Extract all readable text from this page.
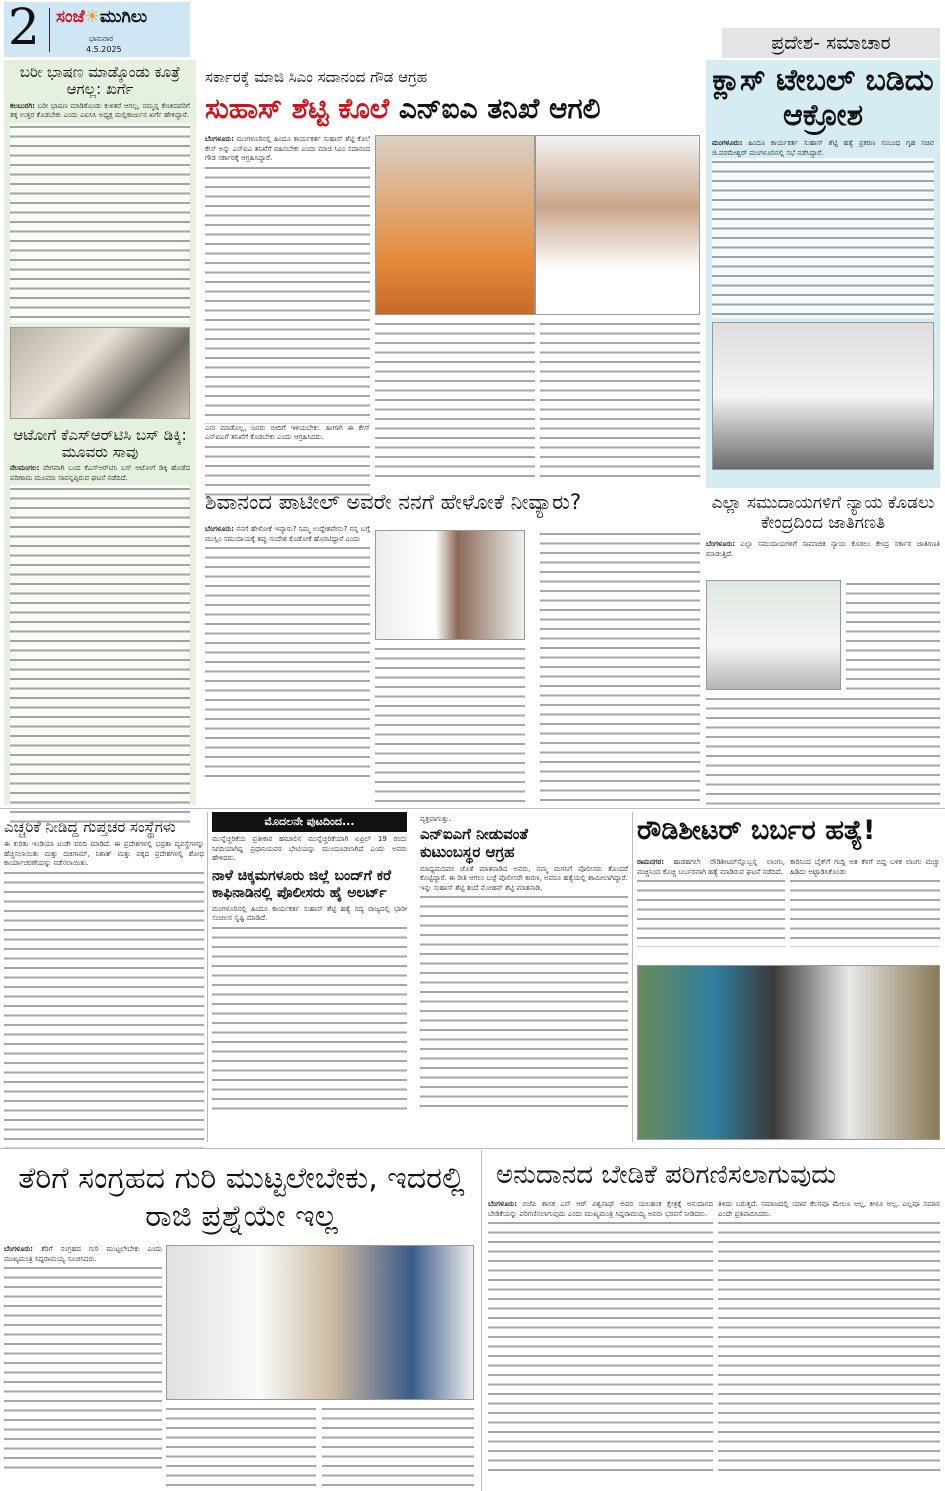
2 ಸಂಜೆ☀ಮುಗಿಲು
ಭಾನುವಾರ
4.5.2025	ಪ್ರದೇಶ- ಸಮಾಚಾರ
ಬರೀ ಭಾಷಣ ಮಾಡ್ಕೊಂಡು ಕೂತ್ರೆ ಆಗಲ್ಲ: ಖರ್ಗೆ
ಕಲಬುರಗಿ: ಬರೀ ಭಾಷಣ ಮಾಡಿಕೊಂಡು ಕುಳಿತರೆ ಆಗಲ್ಲ, ನಮ್ಮನ್ನ ಕೆಣಕಿದವರಿಗೆ ತಕ್ಕ ಉತ್ತರ ಕೊಡಬೇಕು ಎಂದು ಎಐಸಿಸಿ ಅಧ್ಯಕ್ಷ ಮಲ್ಲಿಕಾರ್ಜುನ ಖರ್ಗೆ ಹೇಳಿದ್ದಾರೆ.
ಆಟೋಗೆ ಕೆಎಸ್‌ಆರ್‌ಟಿಸಿ ಬಸ್ ಡಿಕ್ಕಿ: ಮೂವರು ಸಾವು
ನೆಲಮಂಗಲ: ವೇಗವಾಗಿ ಬಂದ ಕೆಎಸ್‌ಆರ್‌ಟಿಸಿ ಬಸ್ ಆಟೋಗೆ ಡಿಕ್ಕಿ ಹೊಡೆದ ಪರಿಣಾಮ ಮೂವರು ಸಾವನ್ನಪ್ಪಿರುವ ಘಟನೆ ನಡೆದಿದೆ.
ಸರ್ಕಾರಕ್ಕೆ ಮಾಜಿ ಸಿಎಂ ಸದಾನಂದ ಗೌಡ ಆಗ್ರಹ
ಸುಹಾಸ್ ಶೆಟ್ಟಿ ಕೊಲೆ ಎನ್‌ಐಎ ತನಿಖೆ ಆಗಲಿ
ಬೆಂಗಳೂರು: ಮಂಗಳೂರಿನಲ್ಲಿ ಹಿಂದೂ ಕಾರ್ಯಕರ್ತ ಸುಹಾಸ್ ಶೆಟ್ಟಿ ಕೊಲೆ ಕೇಸ್ ಅನ್ನು ಎನ್‌ಐಎ ತನಿಖೆಗೆ ವಹಿಸಬೇಕು ಎಂದು ಮಾಜಿ ಸಿಎಂ ಸದಾನಂದ ಗೌಡ ಸರ್ಕಾರಕ್ಕೆ ಆಗ್ರಹಿಸಿದ್ದಾರೆ.
ಎನು ಮಾಡೊಲ್ಲ, ಜನರು ಬೀದಿಗೆ ಇಳಿಯಬೇಕು. ಹೀಗಾಗಿ ಈ ಕೇಸ್ ಎನ್‌ಐಎಗೆ ತನಿಖೆಗೆ ಕೊಡಬೇಕು ಎಂದು ಆಗ್ರಹಿಸಿದರು.
ಶಿವಾನಂದ ಪಾಟೀಲ್ ಅವರೇ ನನಗೆ ಹೇಳೋಕೆ ನೀವ್ಯಾರು?
ಬೆಂಗಳೂರು: ನನಗೆ ಹೇಳೋಕೆ ಇವ್ಯಾರು? ನಿಮ್ಮ ಉದ್ದೇಶವೇನು? ನನ್ನ ಬಗ್ಗೆ ಮುಸ್ಲಿಂ ಸಮುದಾಯಕ್ಕೆ ತಪ್ಪು ಸಂದೇಶ ಕೊಡೋಕೆ ಹೊರಟಿದ್ದಾರೆ ಎಂದು
ಕ್ಲಾಸ್ ಟೇಬಲ್ ಬಡಿದು ಆಕ್ರೋಶ
ಮಂಗಳೂರು: ಹಿಂದೂ ಕಾರ್ಯಕರ್ತ ಸುಹಾಸ್ ಶೆಟ್ಟಿ ಹತ್ಯೆ ಪ್ರಕರಣ ಸಂಬಂಧ ಗೃಹ ಸಚಿವ ಜಿ.ಪರಮೇಶ್ವರ್ ಮಂಗಳೂರಿನಲ್ಲಿ ಸಭೆ ನಡೆಸಿದ್ದಾರೆ.
ಎಲ್ಲಾ ಸಮುದಾಯಗಳಿಗೆ ನ್ಯಾಯ ಕೊಡಲು ಕೇಂದ್ರದಿಂದ ಜಾತಿಗಣತಿ
ಬೆಂಗಳೂರು: ಎಲ್ಲಾ ಸಮುದಾಯಗಳಿಗೆ ಸಾಮಾಜಿಕ ನ್ಯಾಯ ಕೊಡಲು ಕೇಂದ್ರ ಸರ್ಕಾರ ಜಾತಿಗಣತಿ ಮಾಡುತ್ತಿದೆ.
ಎಚ್ಚರಿಕೆ ನೀಡಿದ್ದ ಗುಪ್ತಚರ ಸಂಸ್ಥೆಗಳು
ಈ ಕುರಿತು ಇಂಡಿಯಾ ಟುಡೇ ವರದಿ ಮಾಡಿದೆ. ಈ ಪ್ರದೇಶಗಳಲ್ಲಿ ಭದ್ರತಾ ವ್ಯವಸ್ಥೆಗಳನ್ನು ಹೆಚ್ಚಿಸಲಾಯಿತು ಮತ್ತು ದಚಿಗಾಮ್, ನಿಶಾತ್ ಮತ್ತು ಪಕ್ಕದ ಪ್ರದೇಶಗಳಲ್ಲಿ ಶೋಧ ಕಾರ್ಯಾಚರಣೆಯನ್ನು ನಡೆಸಲಾಯಿತು.
ಮೊದಲನೇ ಪುಟದಿಂದ...
ಮುನ್ನೆಚ್ಚರಿಕೆಯ ಪ್ರತೀಕಾರ ಹಮಾಲಿನ ಮುನ್ನೆಚ್ಚರಿಕೆಯಾಗಿ ಏಪ್ರಿಲ್ 19 ರಂದು ನಿಗದಿಯಾಗಿದ್ದ ಪ್ರಧಾನಿಯವರ ಭೇಟಿಯನ್ನು ಮುಂದೂಡಲಾಗಿದೆ ಎಂದು ಅವರು ಹೇಳಿದರು.
ನಾಳೆ ಚಿಕ್ಕಮಗಳೂರು ಜಿಲ್ಲೆ ಬಂದ್‌ಗೆ ಕರೆ ಕಾಫಿನಾಡಿನಲ್ಲಿ ಪೊಲೀಸರು ಹೈ ಅಲರ್ಟ್
ಮಂಗಳೂರಿನಲ್ಲಿ ಹಿಂದೂ ಕಾರ್ಯಕರ್ತ ಸುಹಾಸ್ ಶೆಟ್ಟಿ ಹತ್ಯೆ ಸದ್ಯ ರಾಜ್ಯದಲ್ಲಿ ಭಾರೀ ಸಂಚಲನ ಸೃಷ್ಟಿ ಮಾಡಿದೆ.
ವ್ಯಕ್ತವಾಗುತ್ತು.
ಎನ್‌ಐಎಗೆ ನೀಡುವಂತೆ ಕುಟುಂಬಸ್ಥರ ಆಗ್ರಹ
ಮಾಧ್ಯಮದವರ ಜೊತೆ ಮಾತನಾಡಿದ ಅವರು, ನಮ್ಮ ಮಗನಿಗೆ ಪೊಲೀಸರು ತೊಂದರೆ ಕೊಟ್ಟಿದ್ದಾರೆ. ಈ ರೀತಿ ಆಗಲು ಬಜ್ಪೆ ಪೊಲೀಸರೇ ಕಾರಣ, ಅವರೂ ಹತ್ಯೆಯಲ್ಲಿ ಶಾಮೀಲಾಗಿದ್ದಾರೆ.
ಇನ್ನು ಸುಹಾಸ್ ಶೆಟ್ಟಿ ತಂದೆ ಮೋಹನ್ ಶೆಟ್ಟಿ ಮಾತನಾಡಿ,
ರೌಡಿಶೀಟರ್ ಬರ್ಬರ ಹತ್ಯೆ!
ರಾಮನಗರ: ಹಾಡಹಗಲೇ ರೌಡಿಶೀಟರ್‌ನ್ನೊಬ್ಬನ್ನ ಲಾಂಗು, ಮಚ್ಚಿನಿಂದ ಕೊಚ್ಚಿ ಬರ್ಬರವಾಗಿ ಹತ್ಯೆ ಮಾಡಿರುವ ಘಟನೆ ನಡೆದಿದೆ.
ಕಾರಿನಿಂದ ಬೈಕ್‌ಗೆ ಗುದ್ದಿ ಆತ ಕೆಳಗೆ ಬಿದ್ದ ಬಳಿಕ ಲಾಂಗು ಮಚ್ಚು ಹಿಡಿದು ಅಟ್ಟಾಡಿಸಿಕೊಂಡು
ತೆರಿಗೆ ಸಂಗ್ರಹದ ಗುರಿ ಮುಟ್ಟಲೇಬೇಕು, ಇದರಲ್ಲಿ ರಾಜಿ ಪ್ರಶ್ನೆಯೇ ಇಲ್ಲ
ಬೆಂಗಳೂರು: ತೆರಿಗೆ ಸಂಗ್ರಹದ ಗುರಿ ಮುಟ್ಟಲೇಬೇಕು ಎಂದು ಮುಖ್ಯಮಂತ್ರಿ ಸಿದ್ದರಾಮಯ್ಯ ಸೂಚಿಸಿದರು.
ಅನುದಾನದ ಬೇಡಿಕೆ ಪರಿಗಣಿಸಲಾಗುವುದು
ಬೆಂಗಳೂರು: ಬಿಜೆಪಿ ಶಾಸಕ ಎಸ್ ಆರ್ ವಿಶ್ವನಾಥ್ ಅವರ ಯಲಹಂಕ ಕ್ಷೇತ್ರಕ್ಕೆ ಅನುದಾನದ ಬೇಡಿಕೆಯನ್ನು ಪರಿಗಣಿಸಲಾಗುವುದು ಎಂದು ಮುಖ್ಯಮಂತ್ರಿ ಸಿದ್ದರಾಮಯ್ಯ ಅವರು ಭರವಸೆ ನೀಡಿದರು.
ತಿಳಿದು ಬರುತ್ತದೆ. ಸಮಾಜದಲ್ಲಿ ಯಾವ ಕೆಲಸವೂ ಮೇಲೂ ಅಲ್ಲ, ಕೀಳೂ ಅಲ್ಲ. ಎಲ್ಲವೂ ಸಮಾನ ಎಂದೇ ಪ್ರತಿಪಾದಿಸಿದರು.
